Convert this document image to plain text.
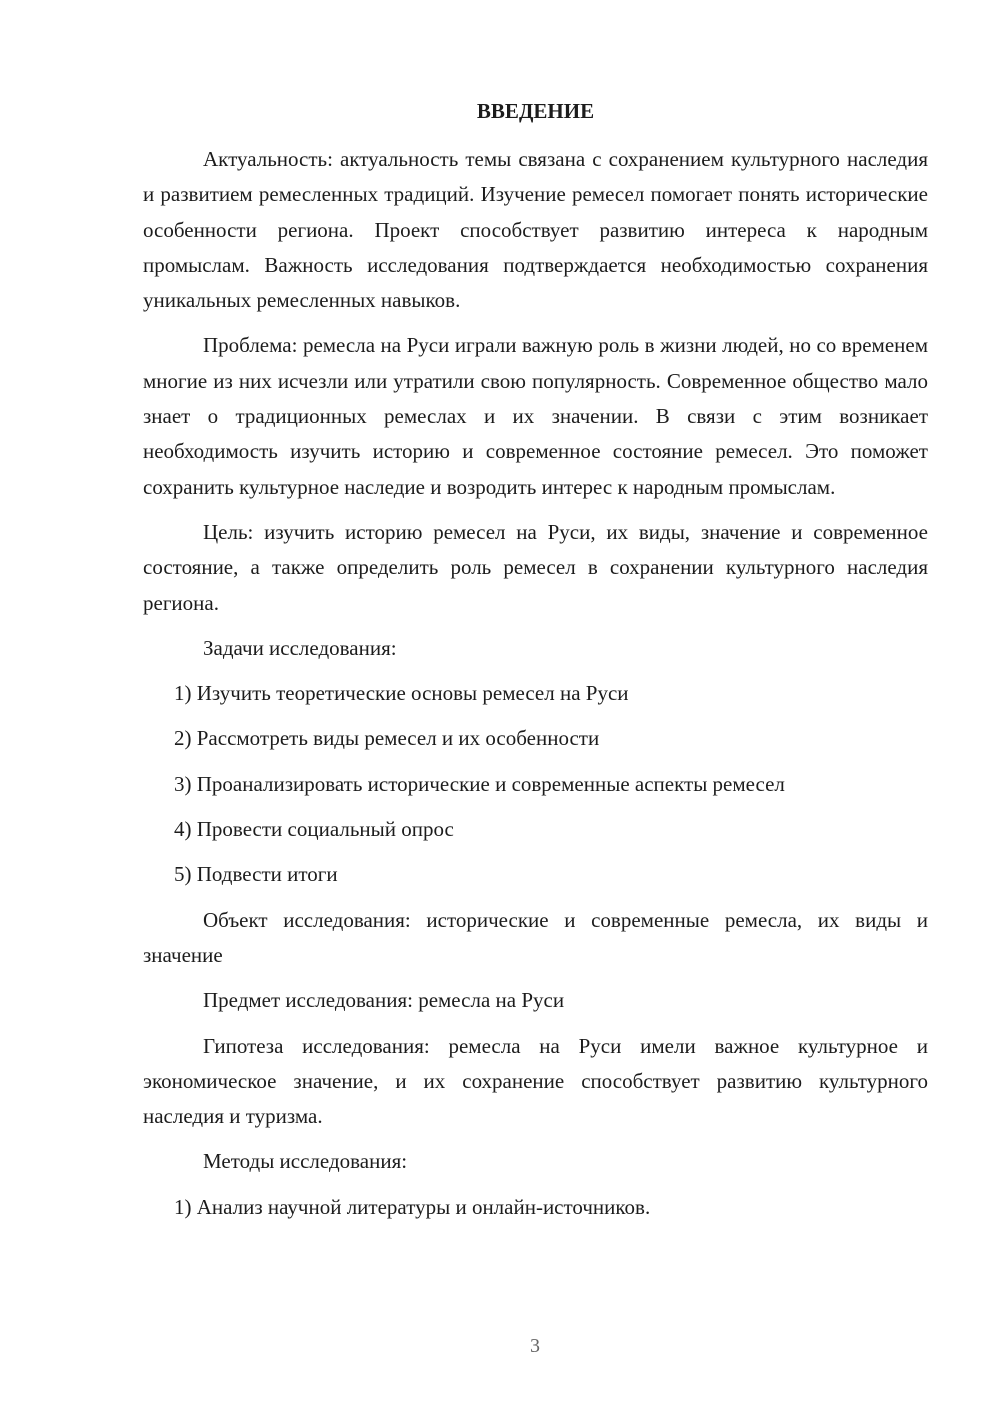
ВВЕДЕНИЕ

Актуальность: актуальность темы связана с сохранением культурного наследия и развитием ремесленных традиций. Изучение ремесел помогает понять исторические особенности региона. Проект способствует развитию интереса к народным промыслам. Важность исследования подтверждается необходимостью сохранения уникальных ремесленных навыков.

Проблема: ремесла на Руси играли важную роль в жизни людей, но со временем многие из них исчезли или утратили свою популярность. Современное общество мало знает о традиционных ремеслах и их значении. В связи с этим возникает необходимость изучить историю и современное состояние ремесел. Это поможет сохранить культурное наследие и возродить интерес к народным промыслам.

Цель: изучить историю ремесел на Руси, их виды, значение и современное состояние, а также определить роль ремесел в сохранении культурного наследия региона.

Задачи исследования:
1) Изучить теоретические основы ремесел на Руси
2) Рассмотреть виды ремесел и их особенности
3) Проанализировать исторические и современные аспекты ремесел
4) Провести социальный опрос
5) Подвести итоги

Объект исследования: исторические и современные ремесла, их виды и значение

Предмет исследования: ремесла на Руси

Гипотеза исследования: ремесла на Руси имели важное культурное и экономическое значение, и их сохранение способствует развитию культурного наследия и туризма.

Методы исследования:
1) Анализ научной литературы и онлайн-источников.
3
